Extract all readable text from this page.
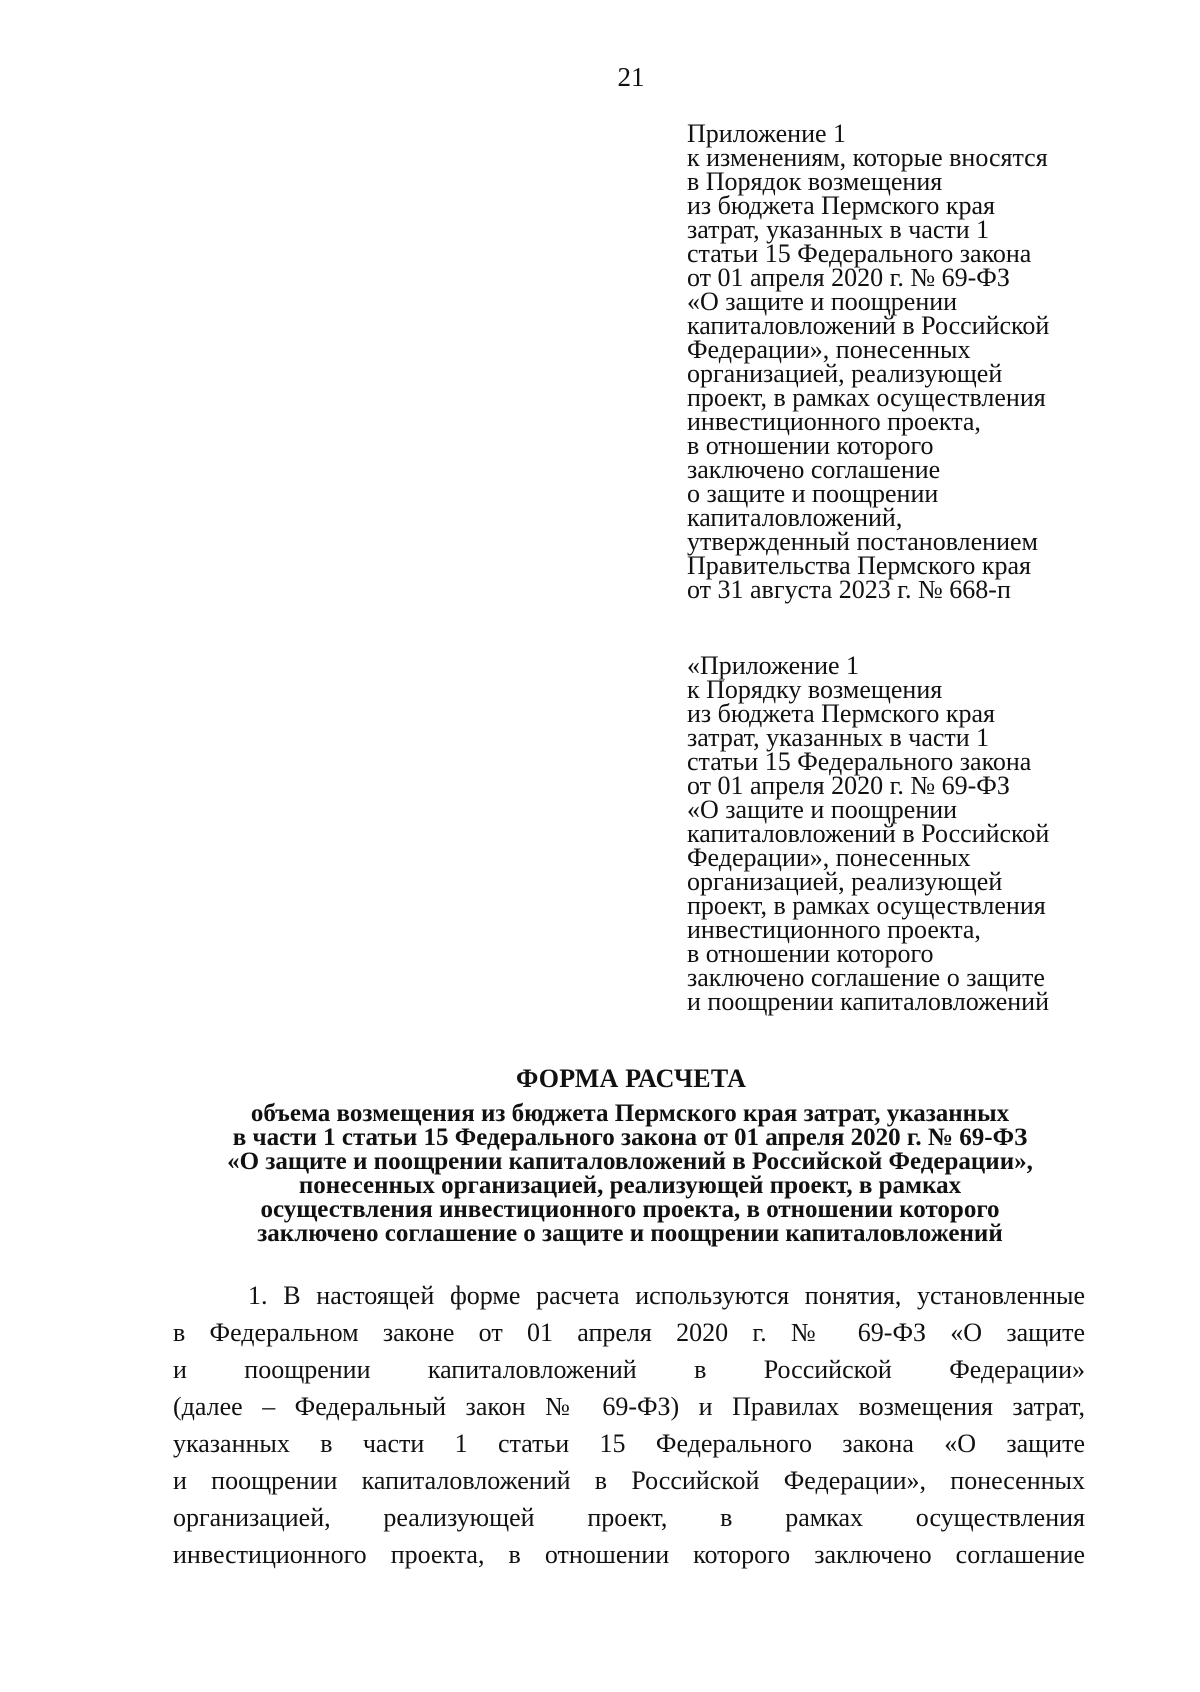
21
Приложение 1
к изменениям, которые вносятся
в Порядок возмещения
из бюджета Пермского края
затрат, указанных в части 1
статьи 15 Федерального закона
от 01 апреля 2020 г. № 69-ФЗ
«О защите и поощрении
капиталовложений в Российской
Федерации», понесенных
организацией, реализующей
проект, в рамках осуществления
инвестиционного проекта,
в отношении которого
заключено соглашение
о защите и поощрении
капиталовложений,
утвержденный постановлением
Правительства Пермского края
от 31 августа 2023 г. № 668-п
«Приложение 1
к Порядку возмещения
из бюджета Пермского края
затрат, указанных в части 1
статьи 15 Федерального закона
от 01 апреля 2020 г. № 69-ФЗ
«О защите и поощрении
капиталовложений в Российской
Федерации», понесенных
организацией, реализующей
проект, в рамках осуществления
инвестиционного проекта,
в отношении которого
заключено соглашение о защите
и поощрении капиталовложений
ФОРМА РАСЧЕТА
объема возмещения из бюджета Пермского края затрат, указанных
в части 1 статьи 15 Федерального закона от 01 апреля 2020 г. № 69-ФЗ
«О защите и поощрении капиталовложений в Российской Федерации»,
понесенных организацией, реализующей проект, в рамках
осуществления инвестиционного проекта, в отношении которого
заключено соглашение о защите и поощрении капиталовложений
1. В настоящей форме расчета используются понятия, установленные
в Федеральном законе от 01 апреля 2020 г. № 69-ФЗ «О защите
и поощрении капиталовложений в Российской Федерации»
(далее – Федеральный закон № 69-ФЗ) и Правилах возмещения затрат,
указанных в части 1 статьи 15 Федерального закона «О защите
и поощрении капиталовложений в Российской Федерации», понесенных
организацией, реализующей проект, в рамках осуществления
инвестиционного проекта, в отношении которого заключено соглашение
